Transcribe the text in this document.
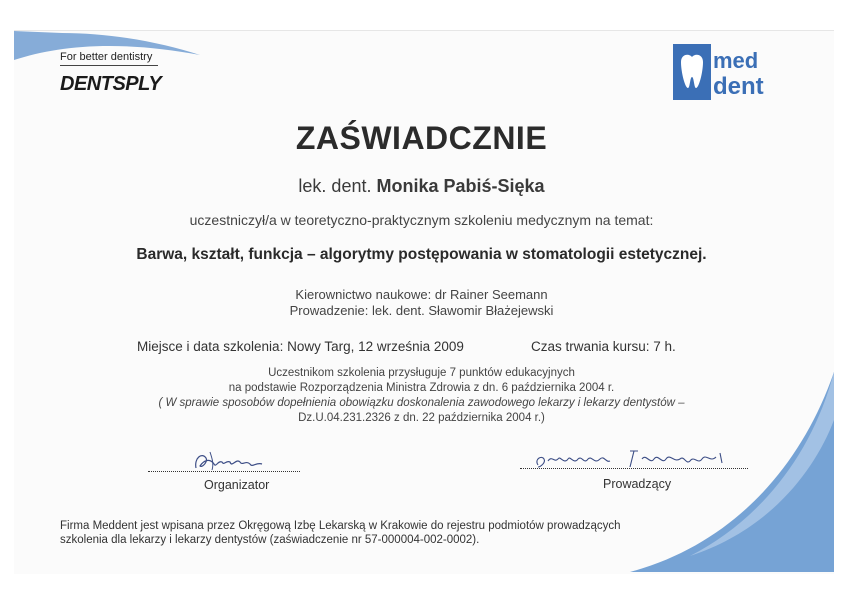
For better dentistry
DENTSPLY
med
dent
ZAŚWIADCZNIE
lek. dent. Monika Pabiś-Sięka
uczestniczył/a w teoretyczno-praktycznym szkoleniu medycznym na temat:
Barwa, kształt, funkcja – algorytmy postępowania w stomatologii estetycznej.
Kierownictwo naukowe: dr Rainer Seemann
Prowadzenie: lek. dent. Sławomir Błażejewski
Miejsce i data szkolenia: Nowy Targ, 12 września 2009	Czas trwania kursu: 7 h.
Uczestnikom szkolenia przysługuje 7 punktów edukacyjnych
na podstawie Rozporządzenia Ministra Zdrowia z dn. 6 października 2004 r.
( W sprawie sposobów dopełnienia obowiązku doskonalenia zawodowego lekarzy i lekarzy dentystów –
Dz.U.04.231.2326 z dn. 22 października 2004 r.)
Organizator	Prowadzący
Firma Meddent jest wpisana przez Okręgową Izbę Lekarską w Krakowie do rejestru podmiotów prowadzących
szkolenia dla lekarzy i lekarzy dentystów (zaświadczenie nr 57-000004-002-0002).
